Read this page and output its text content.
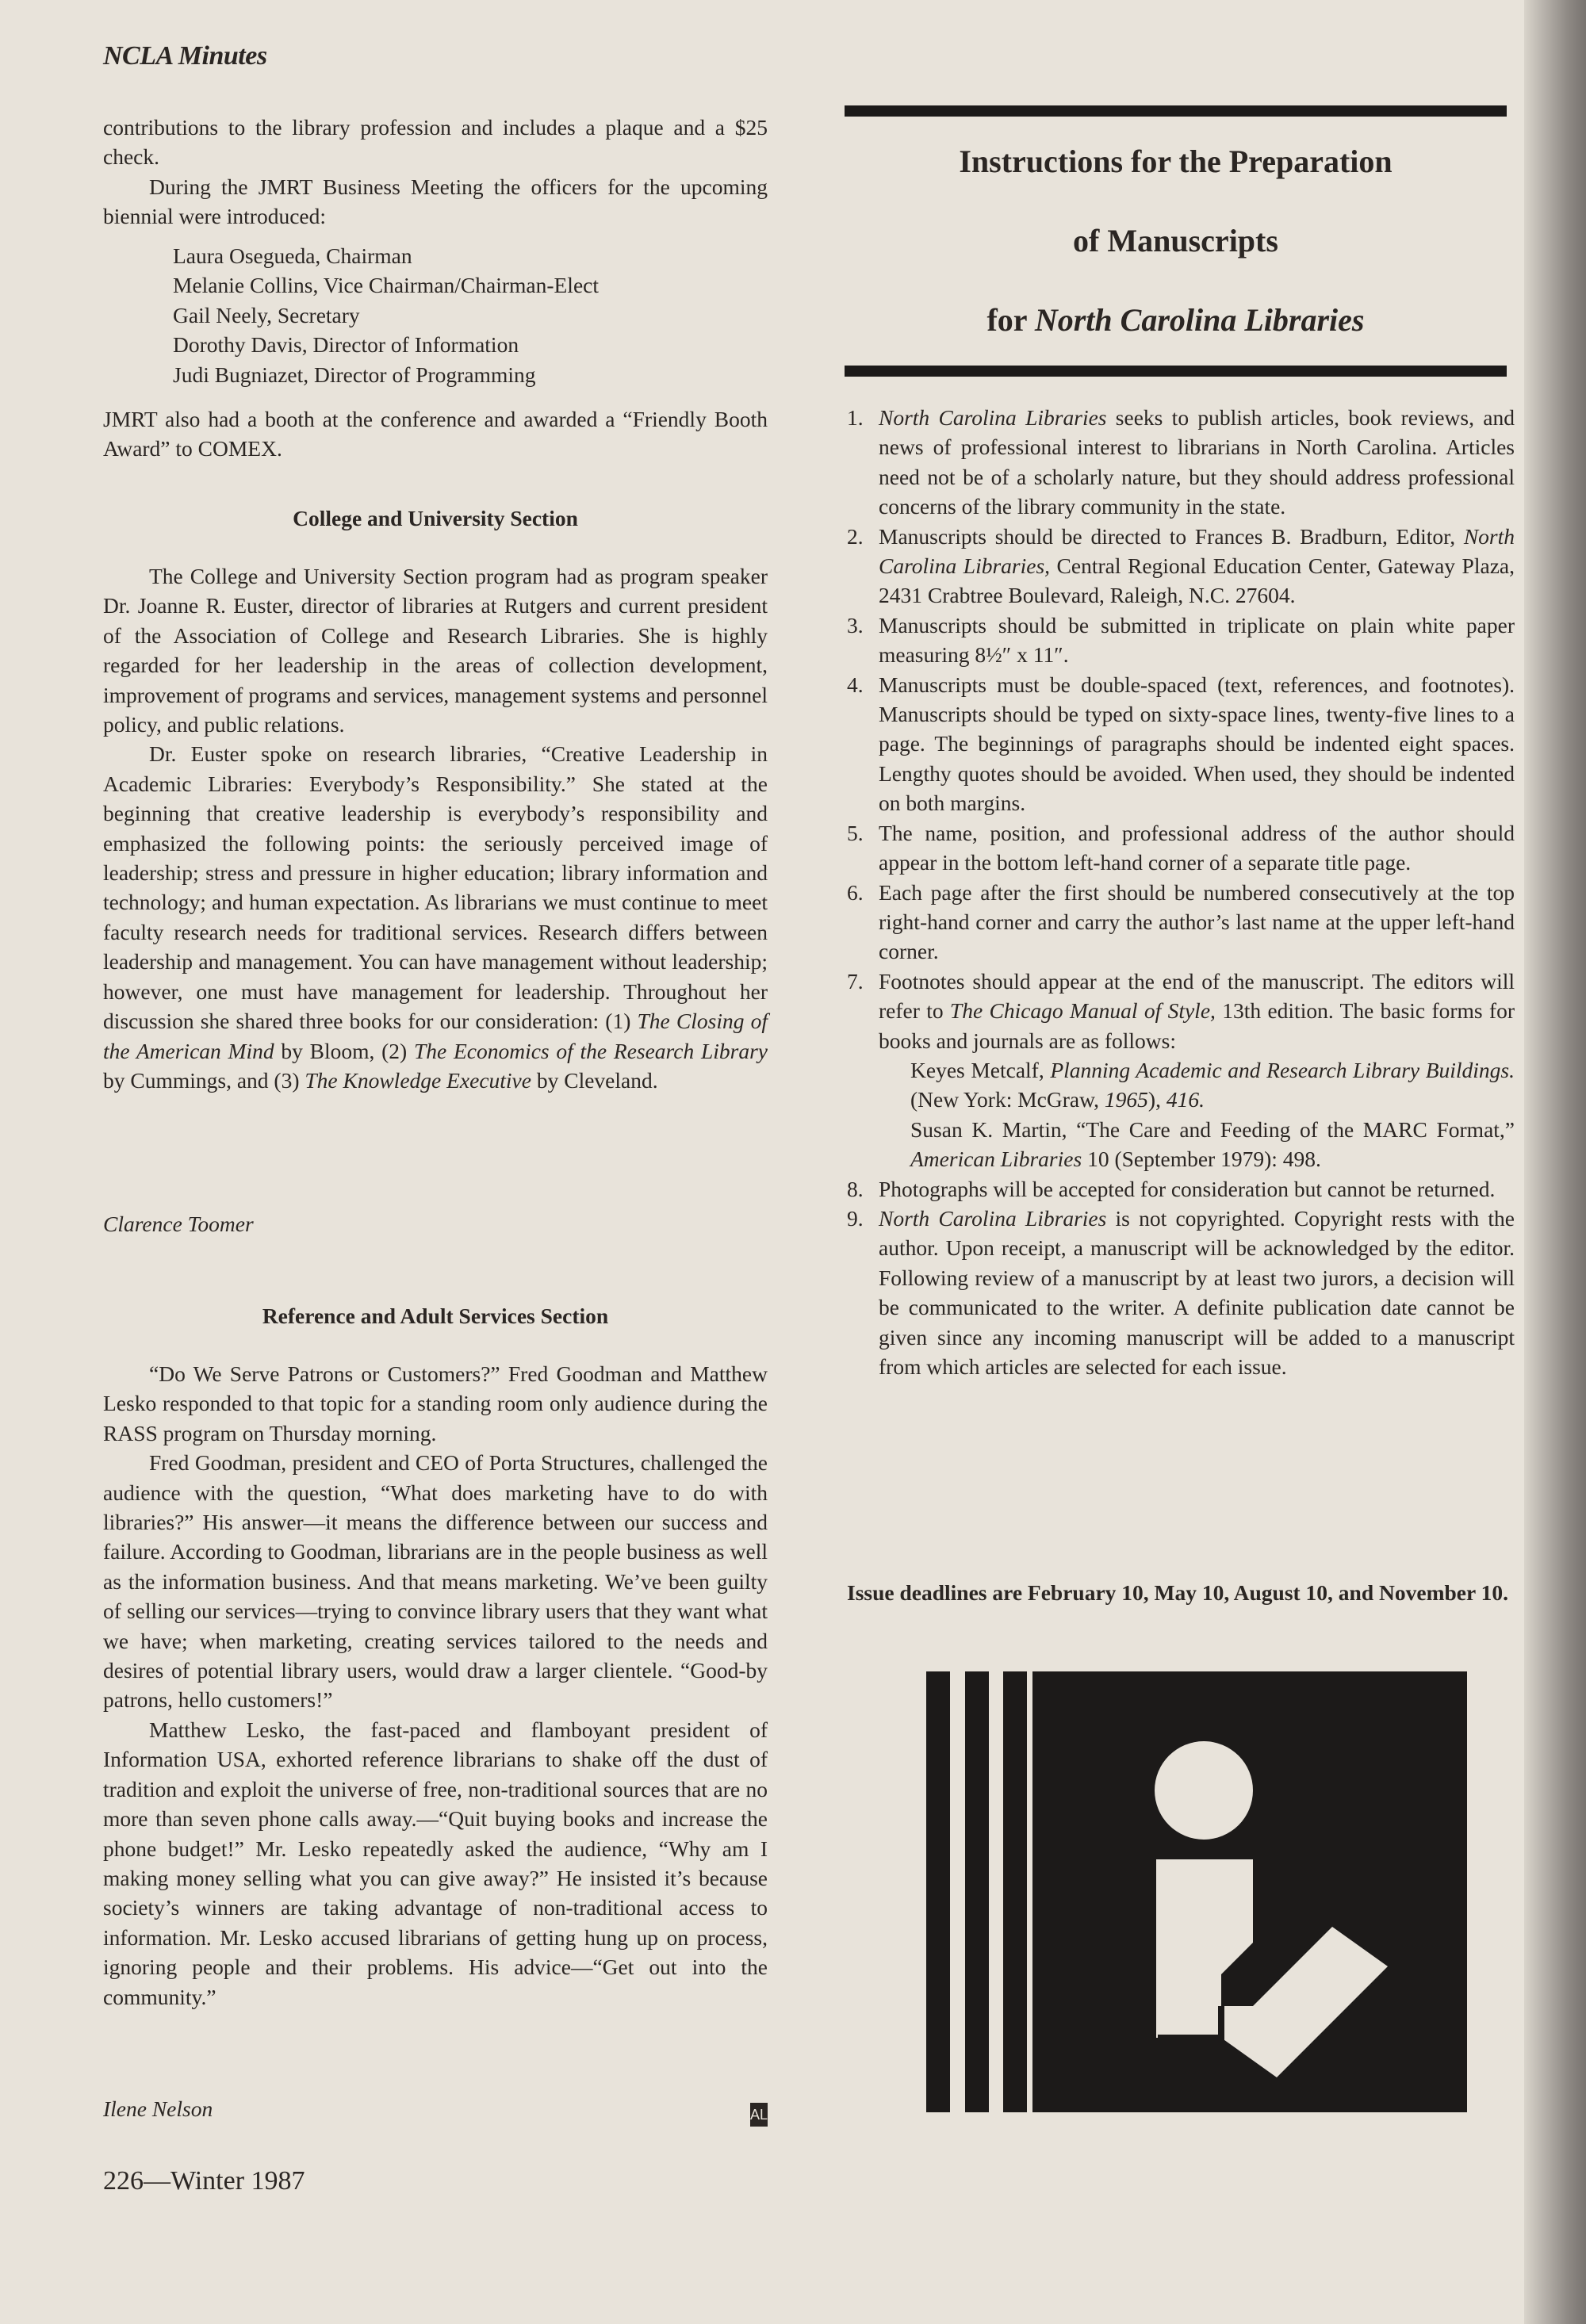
NCLA Minutes

contributions to the library profession and includes a plaque and a $25 check.

During the JMRT Business Meeting the officers for the upcoming biennial were introduced:

Laura Osegueda, Chairman
Melanie Collins, Vice Chairman/Chairman-Elect
Gail Neely, Secretary
Dorothy Davis, Director of Information
Judi Bugniazet, Director of Programming

JMRT also had a booth at the conference and awarded a “Friendly Booth Award” to COMEX.

College and University Section

The College and University Section program had as program speaker Dr. Joanne R. Euster, director of libraries at Rutgers and current president of the Association of College and Research Libraries. She is highly regarded for her leadership in the areas of collection development, improvement of programs and services, management systems and personnel policy, and public relations.

Dr. Euster spoke on research libraries, “Creative Leadership in Academic Libraries: Everybody’s Responsibility.” She stated at the beginning that creative leadership is everybody’s responsibility and emphasized the following points: the seriously perceived image of leadership; stress and pressure in higher education; library information and technology; and human expectation. As librarians we must continue to meet faculty research needs for traditional services. Research differs between leadership and management. You can have management without leadership; however, one must have management for leadership. Throughout her discussion she shared three books for our consideration: (1) The Closing of the American Mind by Bloom, (2) The Economics of the Research Library by Cummings, and (3) The Knowledge Executive by Cleveland.

Clarence Toomer
Reference and Adult Services Section

“Do We Serve Patrons or Customers?” Fred Goodman and Matthew Lesko responded to that topic for a standing room only audience during the RASS program on Thursday morning.

Fred Goodman, president and CEO of Porta Structures, challenged the audience with the question, “What does marketing have to do with libraries?” His answer—it means the difference between our success and failure. According to Goodman, librarians are in the people business as well as the information business. And that means marketing. We’ve been guilty of selling our services—trying to convince library users that they want what we have; when marketing, creating services tailored to the needs and desires of potential library users, would draw a larger clientele. “Good-by patrons, hello customers!”

Matthew Lesko, the fast-paced and flamboyant president of Information USA, exhorted reference librarians to shake off the dust of tradition and exploit the universe of free, non-traditional sources that are no more than seven phone calls away.—“Quit buying books and increase the phone budget!” Mr. Lesko repeatedly asked the audience, “Why am I making money selling what you can give away?” He insisted it’s because society’s winners are taking advantage of non-traditional access to information. Mr. Lesko accused librarians of getting hung up on process, ignoring people and their problems. His advice—“Get out into the community.”

Ilene Nelson	AL
226—Winter 1987
Instructions for the Preparation
of Manuscripts
for North Carolina Libraries
1. North Carolina Libraries seeks to publish articles, book reviews, and news of professional interest to librarians in North Carolina. Articles need not be of a scholarly nature, but they should address professional concerns of the library community in the state.
2. Manuscripts should be directed to Frances B. Bradburn, Editor, North Carolina Libraries, Central Regional Education Center, Gateway Plaza, 2431 Crabtree Boulevard, Raleigh, N.C. 27604.
3. Manuscripts should be submitted in triplicate on plain white paper measuring 8½″ x 11″.
4. Manuscripts must be double-spaced (text, references, and footnotes). Manuscripts should be typed on sixty-space lines, twenty-five lines to a page. The beginnings of paragraphs should be indented eight spaces. Lengthy quotes should be avoided. When used, they should be indented on both margins.
5. The name, position, and professional address of the author should appear in the bottom left-hand corner of a separate title page.
6. Each page after the first should be numbered consecutively at the top right-hand corner and carry the author’s last name at the upper left-hand corner.
7. Footnotes should appear at the end of the manuscript. The editors will refer to The Chicago Manual of Style, 13th edition. The basic forms for books and journals are as follows:
Keyes Metcalf, Planning Academic and Research Library Buildings. (New York: McGraw, 1965), 416.
Susan K. Martin, “The Care and Feeding of the MARC Format,” American Libraries 10 (September 1979): 498.
8. Photographs will be accepted for consideration but cannot be returned.
9. North Carolina Libraries is not copyrighted. Copyright rests with the author. Upon receipt, a manuscript will be acknowledged by the editor. Following review of a manuscript by at least two jurors, a decision will be communicated to the writer. A definite publication date cannot be given since any incoming manuscript will be added to a manuscript from which articles are selected for each issue.
Issue deadlines are February 10, May 10, August 10, and November 10.
